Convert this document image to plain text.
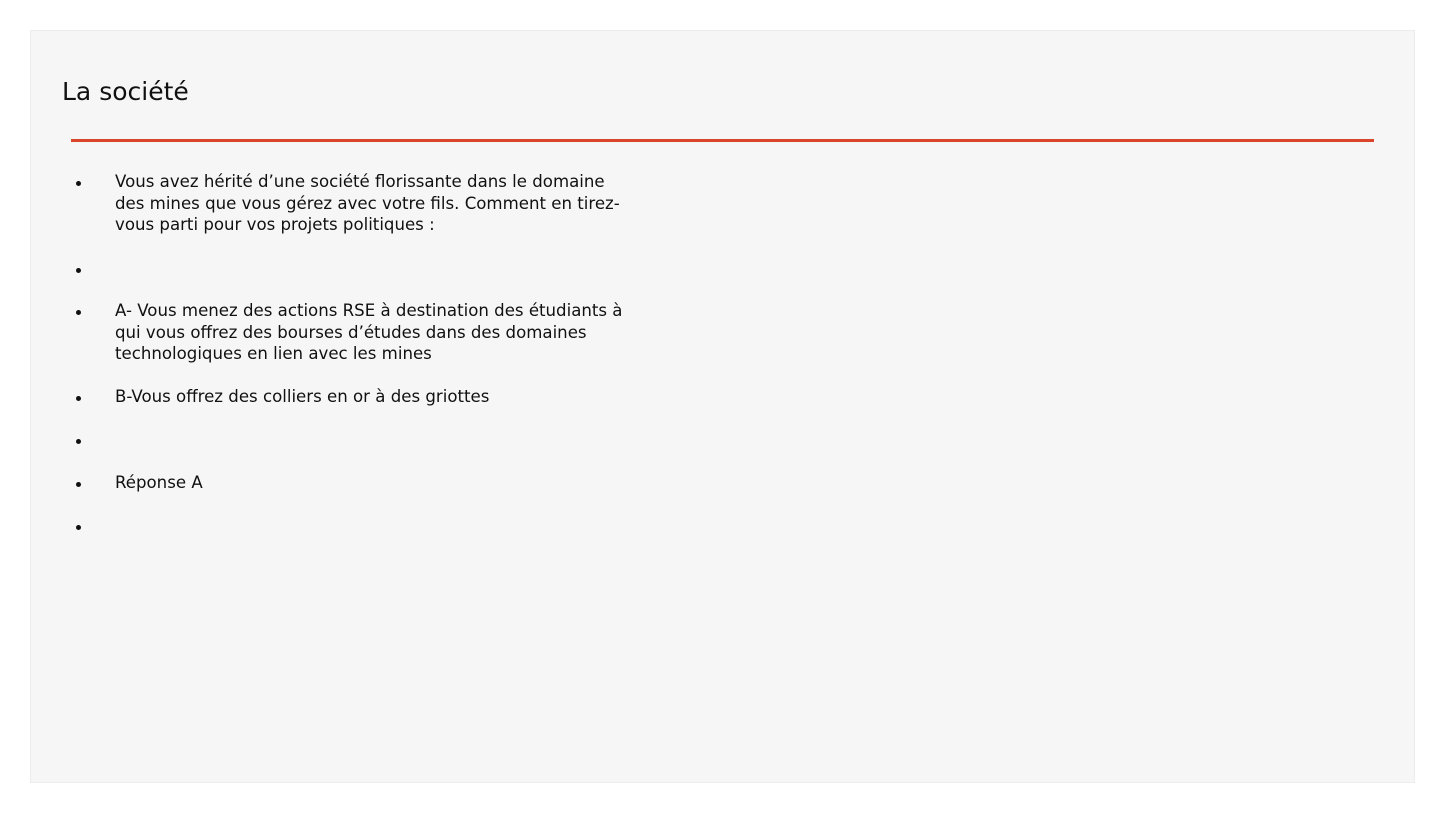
La société
Vous avez hérité d’une société florissante dans le domaine des mines que vous gérez avec votre fils. Comment en tirez-vous parti pour vos projets politiques :
A- Vous menez des actions RSE à destination des étudiants à qui vous offrez des bourses d’études dans des domaines technologiques en lien avec les mines
B-Vous offrez des colliers en or à des griottes
Réponse A
